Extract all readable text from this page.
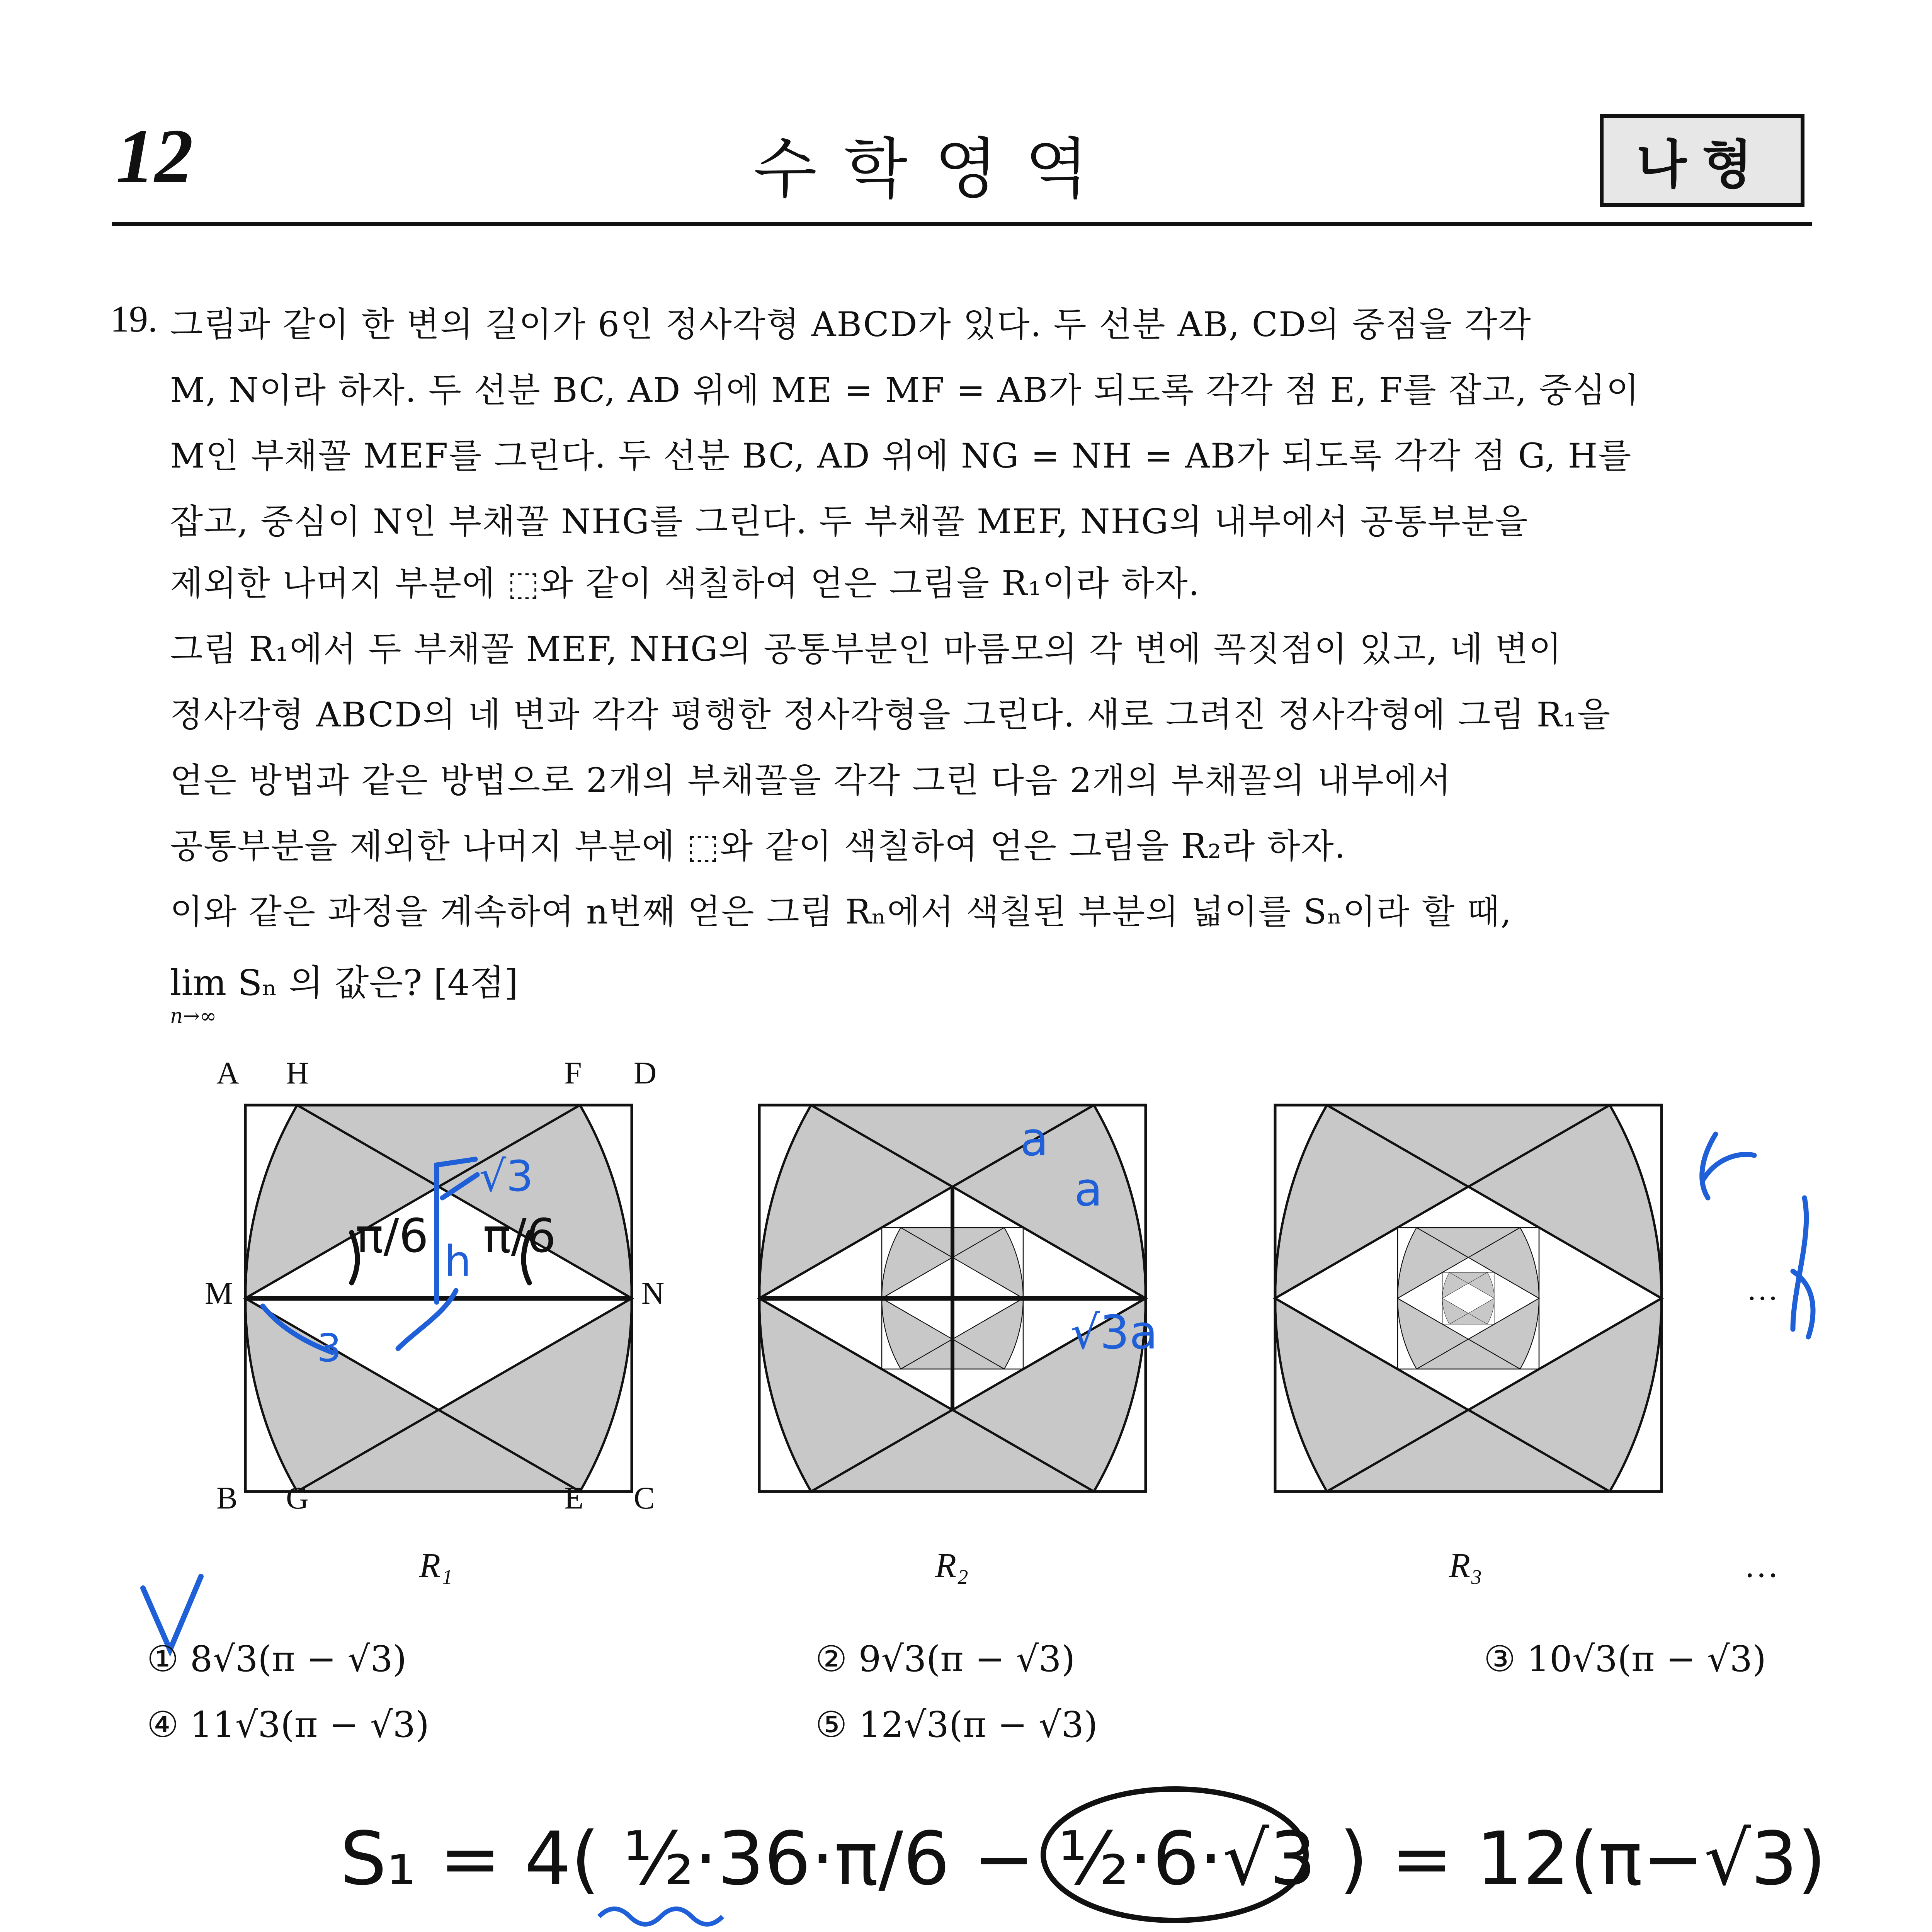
12	수학영역	나형
19. 그림과 같이 한 변의 길이가 6인 정사각형 ABCD가 있다. 두 선분 AB, CD의 중점을 각각
M, N이라 하자. 두 선분 BC, AD 위에 ME = MF = AB가 되도록 각각 점 E, F를 잡고, 중심이
M인 부채꼴 MEF를 그린다. 두 선분 BC, AD 위에 NG = NH = AB가 되도록 각각 점 G, H를
잡고, 중심이 N인 부채꼴 NHG를 그린다. 두 부채꼴 MEF, NHG의 내부에서 공통부분을
제외한 나머지 부분에 ⬚와 같이 색칠하여 얻은 그림을 R₁이라 하자.
그림 R₁에서 두 부채꼴 MEF, NHG의 공통부분인 마름모의 각 변에 꼭짓점이 있고, 네 변이
정사각형 ABCD의 네 변과 각각 평행한 정사각형을 그린다. 새로 그려진 정사각형에 그림 R₁을
얻은 방법과 같은 방법으로 2개의 부채꼴을 각각 그린 다음 2개의 부채꼴의 내부에서
공통부분을 제외한 나머지 부분에 ⬚와 같이 색칠하여 얻은 그림을 R₂라 하자.
이와 같은 과정을 계속하여 n번째 얻은 그림 Rₙ에서 색칠된 부분의 넓이를 Sₙ이라 할 때,
lim Sₙ 의 값은? [4점]
n→∞
A H	F D
M	N
B G	E C
…
R₁	R₂	R₃	…
① 8√3(π − √3)	② 9√3(π − √3)	③ 10√3(π − √3)
④ 11√3(π − √3)	⑤ 12√3(π − √3)
π/6 π/6
√3
h
3
a
a
√3a
S₁ = 4( ½·36·π/6 − ½·6·√3 ) = 12(π−√3)
